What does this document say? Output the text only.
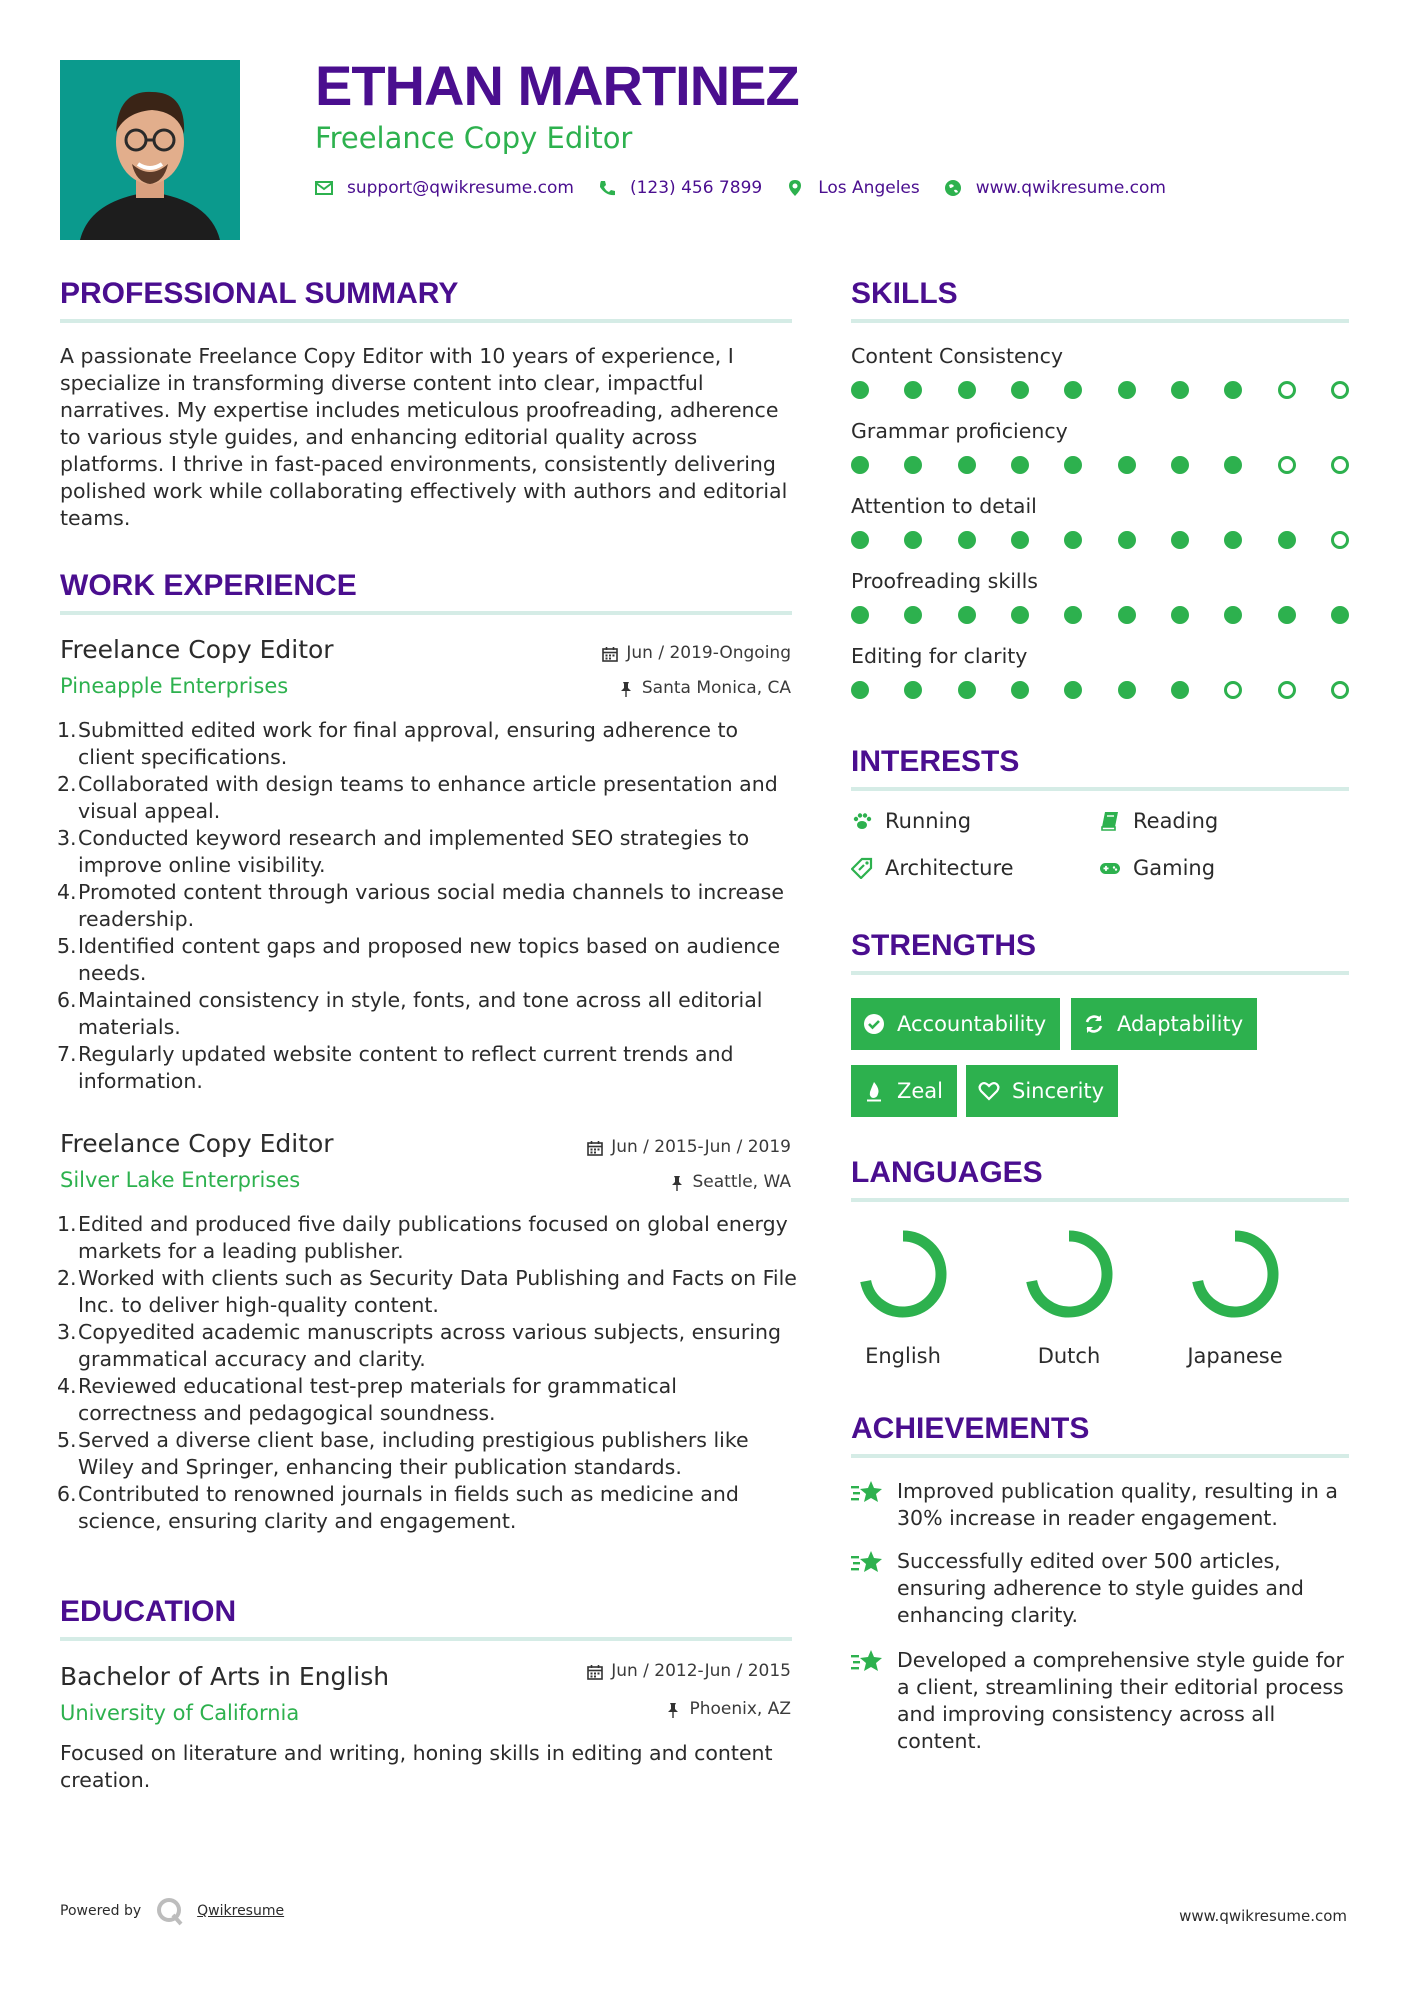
ETHAN MARTINEZ
Freelance Copy Editor
support@qwikresume.com	(123) 456 7899	Los Angeles	www.qwikresume.com
PROFESSIONAL SUMMARY
A passionate Freelance Copy Editor with 10 years of experience, I specialize in transforming diverse content into clear, impactful narratives. My expertise includes meticulous proofreading, adherence to various style guides, and enhancing editorial quality across platforms. I thrive in fast-paced environments, consistently delivering polished work while collaborating effectively with authors and editorial teams.
WORK EXPERIENCE
Freelance Copy Editor
Pineapple Enterprises
Jun / 2019-Ongoing
Santa Monica, CA
1. Submitted edited work for final approval, ensuring adherence to client specifications.
2. Collaborated with design teams to enhance article presentation and visual appeal.
3. Conducted keyword research and implemented SEO strategies to improve online visibility.
4. Promoted content through various social media channels to increase readership.
5. Identified content gaps and proposed new topics based on audience needs.
6. Maintained consistency in style, fonts, and tone across all editorial materials.
7. Regularly updated website content to reflect current trends and information.
Freelance Copy Editor
Silver Lake Enterprises
Jun / 2015-Jun / 2019
Seattle, WA
1. Edited and produced five daily publications focused on global energy markets for a leading publisher.
2. Worked with clients such as Security Data Publishing and Facts on File Inc. to deliver high-quality content.
3. Copyedited academic manuscripts across various subjects, ensuring grammatical accuracy and clarity.
4. Reviewed educational test-prep materials for grammatical correctness and pedagogical soundness.
5. Served a diverse client base, including prestigious publishers like Wiley and Springer, enhancing their publication standards.
6. Contributed to renowned journals in fields such as medicine and science, ensuring clarity and engagement.
EDUCATION
Bachelor of Arts in English
University of California
Jun / 2012-Jun / 2015
Phoenix, AZ
Focused on literature and writing, honing skills in editing and content creation.
SKILLS
Content Consistency
Grammar proficiency
Attention to detail
Proofreading skills
Editing for clarity
INTERESTS
Running	Reading
Architecture	Gaming
STRENGTHS
Accountability	Adaptability
Zeal	Sincerity
LANGUAGES
English	Dutch	Japanese
ACHIEVEMENTS
Improved publication quality, resulting in a 30% increase in reader engagement.
Successfully edited over 500 articles, ensuring adherence to style guides and enhancing clarity.
Developed a comprehensive style guide for a client, streamlining their editorial process and improving consistency across all content.
Powered by	Qwikresume	www.qwikresume.com
